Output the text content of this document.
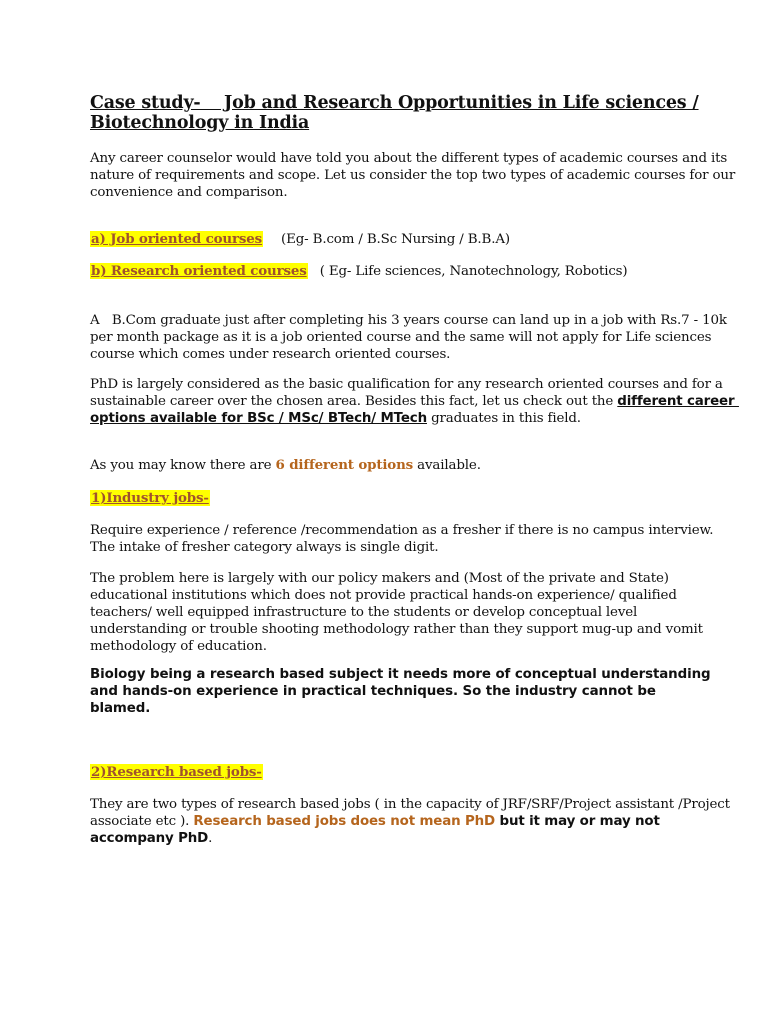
Case study-    Job and Research Opportunities in Life sciences /
Biotechnology in India
Any career counselor would have told you about the different types of academic courses and its
nature of requirements and scope. Let us consider the top two types of academic courses for our
convenience and comparison.
a) Job oriented courses (Eg- B.com / B.Sc Nursing / B.B.A)
b) Research oriented courses ( Eg- Life sciences, Nanotechnology, Robotics)
A   B.Com graduate just after completing his 3 years course can land up in a job with Rs.7 - 10k
per month package as it is a job oriented course and the same will not apply for Life sciences
course which comes under research oriented courses.
PhD is largely considered as the basic qualification for any research oriented courses and for a
sustainable career over the chosen area. Besides this fact, let us check out the different career
options available for BSc / MSc/ BTech/ MTech graduates in this field.
As you may know there are 6 different options available.
1)Industry jobs-
Require experience / reference /recommendation as a fresher if there is no campus interview.
The intake of fresher category always is single digit.
The problem here is largely with our policy makers and (Most of the private and State)
educational institutions which does not provide practical hands-on experience/ qualified
teachers/ well equipped infrastructure to the students or develop conceptual level
understanding or trouble shooting methodology rather than they support mug-up and vomit
methodology of education.
Biology being a research based subject it needs more of conceptual understanding
and hands-on experience in practical techniques. So the industry cannot be
blamed.
2)Research based jobs-
They are two types of research based jobs ( in the capacity of JRF/SRF/Project assistant /Project
associate etc ). Research based jobs does not mean PhD but it may or may not
accompany PhD.
